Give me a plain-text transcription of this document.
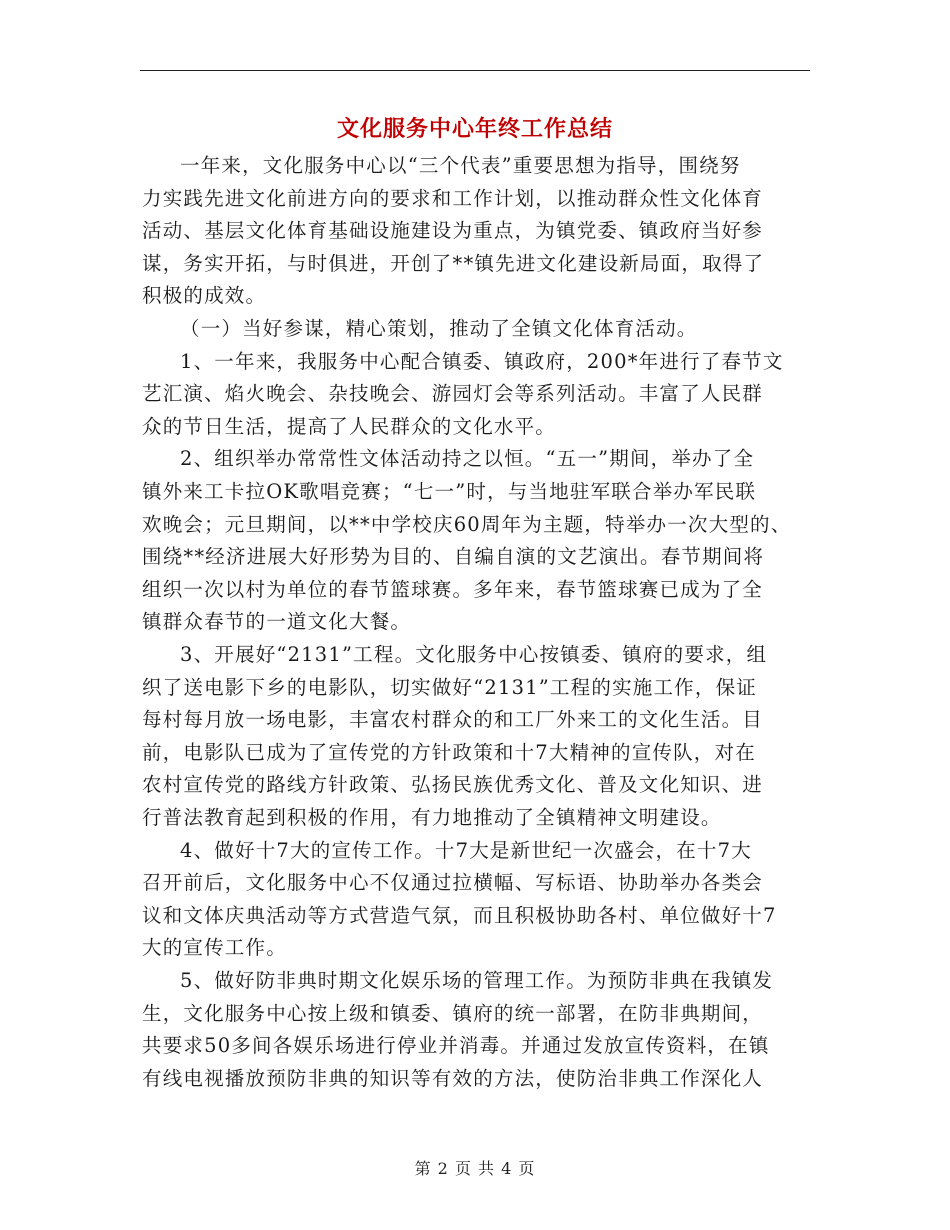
文化服务中心年终工作总结
一年来，文化服务中心以“三个代表”重要思想为指导，围绕努
力实践先进文化前进方向的要求和工作计划，以推动群众性文化体育
活动、基层文化体育基础设施建设为重点，为镇党委、镇政府当好参
谋，务实开拓，与时俱进，开创了**镇先进文化建设新局面，取得了
积极的成效。
（一）当好参谋，精心策划，推动了全镇文化体育活动。
1、一年来，我服务中心配合镇委、镇政府，200*年进行了春节文
艺汇演、焰火晚会、杂技晚会、游园灯会等系列活动。丰富了人民群
众的节日生活，提高了人民群众的文化水平。
2、组织举办常常性文体活动持之以恒。“五一”期间，举办了全
镇外来工卡拉OK歌唱竞赛；“七一”时，与当地驻军联合举办军民联
欢晚会；元旦期间，以**中学校庆60周年为主题，特举办一次大型的、
围绕**经济进展大好形势为目的、自编自演的文艺演出。春节期间将
组织一次以村为单位的春节篮球赛。多年来，春节篮球赛已成为了全
镇群众春节的一道文化大餐。
3、开展好“2131”工程。文化服务中心按镇委、镇府的要求，组
织了送电影下乡的电影队，切实做好“2131”工程的实施工作，保证
每村每月放一场电影，丰富农村群众的和工厂外来工的文化生活。目
前，电影队已成为了宣传党的方针政策和十7大精神的宣传队，对在
农村宣传党的路线方针政策、弘扬民族优秀文化、普及文化知识、进
行普法教育起到积极的作用，有力地推动了全镇精神文明建设。
4、做好十7大的宣传工作。十7大是新世纪一次盛会，在十7大
召开前后，文化服务中心不仅通过拉横幅、写标语、协助举办各类会
议和文体庆典活动等方式营造气氛，而且积极协助各村、单位做好十7
大的宣传工作。
5、做好防非典时期文化娱乐场的管理工作。为预防非典在我镇发
生，文化服务中心按上级和镇委、镇府的统一部署，在防非典期间，
共要求50多间各娱乐场进行停业并消毒。并通过发放宣传资料，在镇
有线电视播放预防非典的知识等有效的方法，使防治非典工作深化人
第 2 页 共 4 页
